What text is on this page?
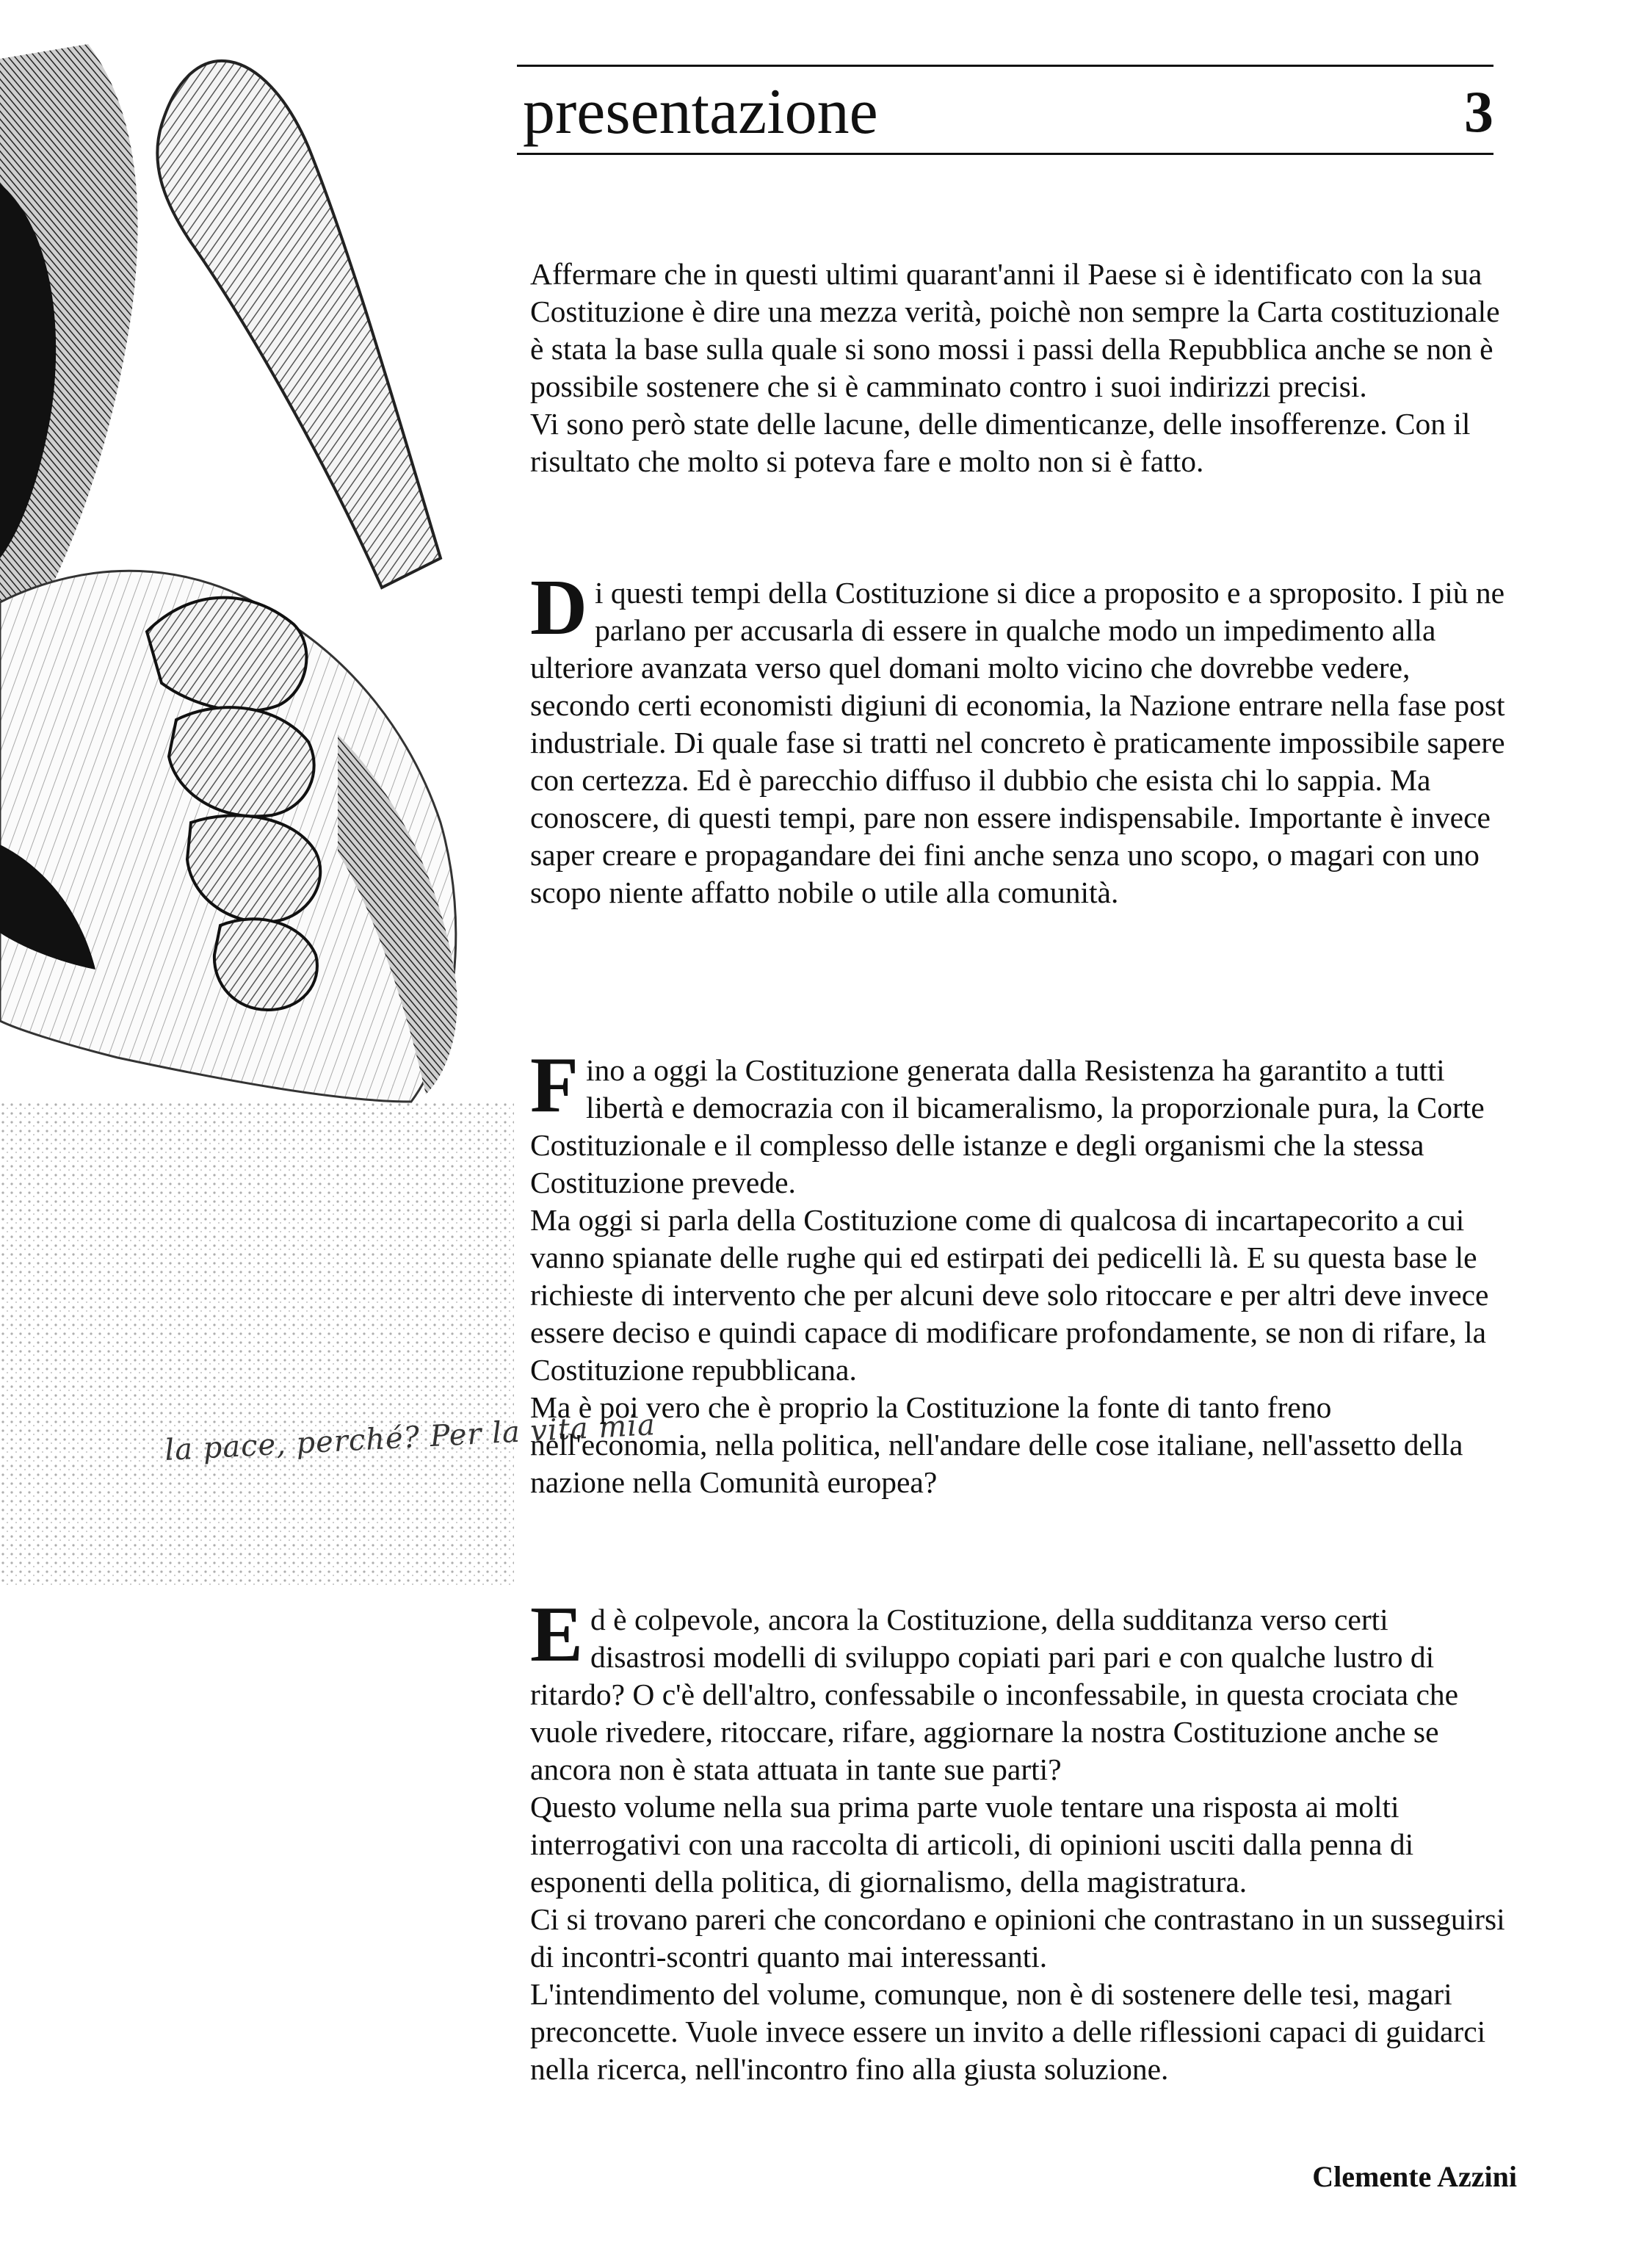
la pace, perché? Per la vita mia
presentazione	3

Affermare che in questi ultimi quarant'anni il Paese si è identificato con la sua Costituzione è dire una mezza verità, poichè non sempre la Carta costituzionale è stata la base sulla quale si sono mossi i passi della Repubblica anche se non è possibile sostenere che si è camminato contro i suoi indirizzi precisi.

Vi sono però state delle lacune, delle dimenticanze, delle insofferenze. Con il risultato che molto si poteva fare e molto non si è fatto.

D i questi tempi della Costituzione si dice a proposito e a sproposito. I più ne parlano per accusarla di essere in qualche modo un impedimento alla ulteriore avanzata verso quel domani molto vicino che dovrebbe vedere, secondo certi economisti digiuni di economia, la Nazione entrare nella fase post industriale. Di quale fase si tratti nel concreto è praticamente impossibile sapere con certezza. Ed è parecchio diffuso il dubbio che esista chi lo sappia. Ma conoscere, di questi tempi, pare non essere indispensabile. Importante è invece saper creare e propagandare dei fini anche senza uno scopo, o magari con uno scopo niente affatto nobile o utile alla comunità.

F ino a oggi la Costituzione generata dalla Resistenza ha garantito a tutti libertà e democrazia con il bicameralismo, la proporzionale pura, la Corte Costituzionale e il complesso delle istanze e degli organismi che la stessa Costituzione prevede.

Ma oggi si parla della Costituzione come di qualcosa di incartapecorito a cui vanno spianate delle rughe qui ed estirpati dei pedicelli là. E su questa base le richieste di intervento che per alcuni deve solo ritoccare e per altri deve invece essere deciso e quindi capace di modificare profondamente, se non di rifare, la Costituzione repubblicana.

Ma è poi vero che è proprio la Costituzione la fonte di tanto freno nell'economia, nella politica, nell'andare delle cose italiane, nell'assetto della nazione nella Comunità europea?

E d è colpevole, ancora la Costituzione, della sudditanza verso certi disastrosi modelli di sviluppo copiati pari pari e con qualche lustro di ritardo? O c'è dell'altro, confessabile o inconfessabile, in questa crociata che vuole rivedere, ritoccare, rifare, aggiornare la nostra Costituzione anche se ancora non è stata attuata in tante sue parti?

Questo volume nella sua prima parte vuole tentare una risposta ai molti interrogativi con una raccolta di articoli, di opinioni usciti dalla penna di esponenti della politica, di giornalismo, della magistratura.

Ci si trovano pareri che concordano e opinioni che contrastano in un susseguirsi di incontri-scontri quanto mai interessanti.

L'intendimento del volume, comunque, non è di sostenere delle tesi, magari preconcette. Vuole invece essere un invito a delle riflessioni capaci di guidarci nella ricerca, nell'incontro fino alla giusta soluzione.

Clemente Azzini
